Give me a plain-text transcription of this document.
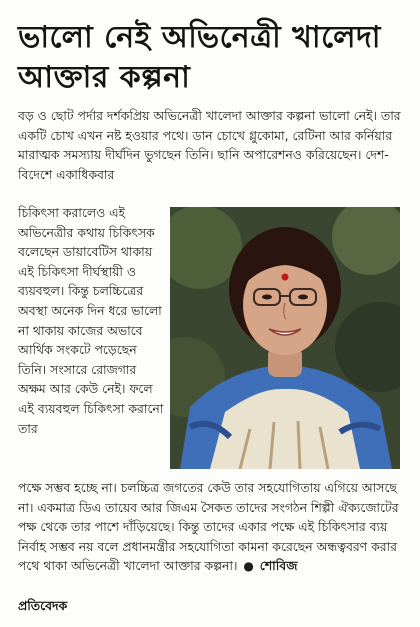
ভালো নেই অভিনেত্রী খালেদা
আক্তার কল্পনা

বড় ও ছোট পর্দার দর্শকপ্রিয় অভিনেত্রী খালেদা আক্তার কল্পনা ভালো নেই। তার একটি চোখ এখন নষ্ট হওয়ার পথে। ডান চোখে গ্লুকোমা, রেটিনা আর কর্নিয়ার মারাত্মক সমস্যায় দীর্ঘদিন ভুগছেন তিনি। ছানি অপারেশনও করিয়েছেন। দেশ-বিদেশে একাধিকবার

চিকিৎসা করালেও এই অভিনেত্রীর কথায় চিকিৎসক বলেছেন ডায়াবেটিস থাকায় এই চিকিৎসা দীর্ঘস্থায়ী ও ব্যয়বহুল। কিন্তু চলচ্চিত্রের অবস্থা অনেক দিন ধরে ভালো না থাকায় কাজের অভাবে আর্থিক সংকটে পড়েছেন তিনি। সংসারে রোজগার অক্ষম আর কেউ নেই। ফলে এই ব্যয়বহুল চিকিৎসা করানো তার

পক্ষে সম্ভব হচ্ছে না। চলচ্চিত্র জগতের কেউ তার সহযোগিতায় এগিয়ে আসছে না। একমাত্র ডিএ তায়েব আর জিএম সৈকত তাদের সংগঠন শিল্পী ঐক্যজোটের পক্ষ থেকে তার পাশে দাঁড়িয়েছে। কিন্তু তাদের একার পক্ষে এই চিকিৎসার ব্যয় নির্বাহ সম্ভব নয় বলে প্রধানমন্ত্রীর সহযোগিতা কামনা করেছেন অন্ধত্ববরণ করার পথে থাকা অভিনেত্রী খালেদা আক্তার কল্পনা। ● শোবিজ

প্রতিবেদক
